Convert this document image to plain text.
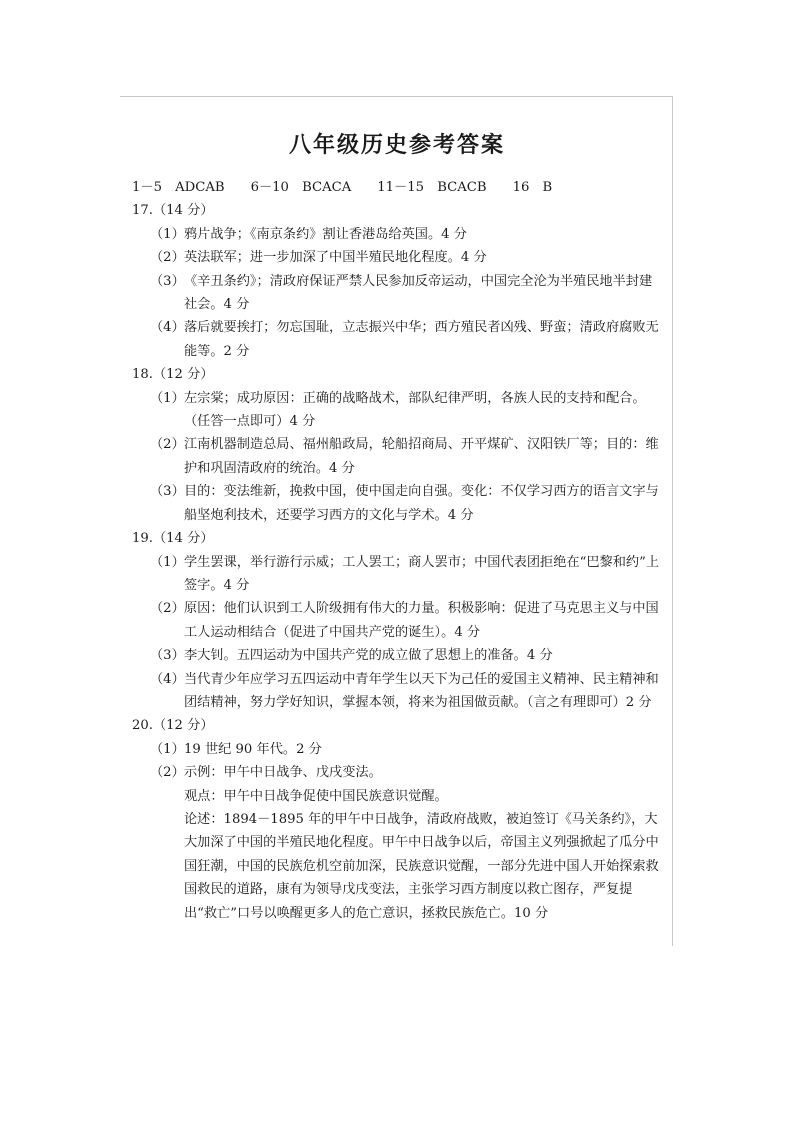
八年级历史参考答案
1－5　ADCAB 6－10　BCACA 11－15　BCACB 16　B
17.（14 分）
（1） 鸦片战争；《南京条约》割让香港岛给英国。4 分
（2） 英法联军；进一步加深了中国半殖民地化程度。4 分
（3） 《辛丑条约》；清政府保证严禁人民参加反帝运动，中国完全沦为半殖民地半封建社会。4 分
（4） 落后就要挨打；勿忘国耻，立志振兴中华；西方殖民者凶残、野蛮；清政府腐败无能等。2 分
18.（12 分）
（1） 左宗棠；成功原因：正确的战略战术，部队纪律严明，各族人民的支持和配合。（任答一点即可）4 分
（2） 江南机器制造总局、福州船政局，轮船招商局、开平煤矿、汉阳铁厂等；目的：维护和巩固清政府的统治。4 分
（3） 目的：变法维新，挽救中国，使中国走向自强。变化：不仅学习西方的语言文字与船坚炮利技术，还要学习西方的文化与学术。4 分
19.（14 分）
（1） 学生罢课，举行游行示威；工人罢工；商人罢市；中国代表团拒绝在“巴黎和约”上签字。4 分
（2） 原因：他们认识到工人阶级拥有伟大的力量。积极影响：促进了马克思主义与中国工人运动相结合（促进了中国共产党的诞生）。4 分
（3） 李大钊。五四运动为中国共产党的成立做了思想上的准备。4 分
（4） 当代青少年应学习五四运动中青年学生以天下为己任的爱国主义精神、民主精神和团结精神，努力学好知识，掌握本领，将来为祖国做贡献。（言之有理即可）2 分
20.（12 分）
（1） 19 世纪 90 年代。2 分
（2） 示例：甲午中日战争、戊戌变法。
观点：甲午中日战争促使中国民族意识觉醒。
论述：1894－1895 年的甲午中日战争，清政府战败，被迫签订《马关条约》，大大加深了中国的半殖民地化程度。甲午中日战争以后，帝国主义列强掀起了瓜分中国狂潮，中国的民族危机空前加深，民族意识觉醒，一部分先进中国人开始探索救国救民的道路，康有为领导戊戌变法，主张学习西方制度以救亡图存，严复提出“救亡”口号以唤醒更多人的危亡意识，拯救民族危亡。10 分
